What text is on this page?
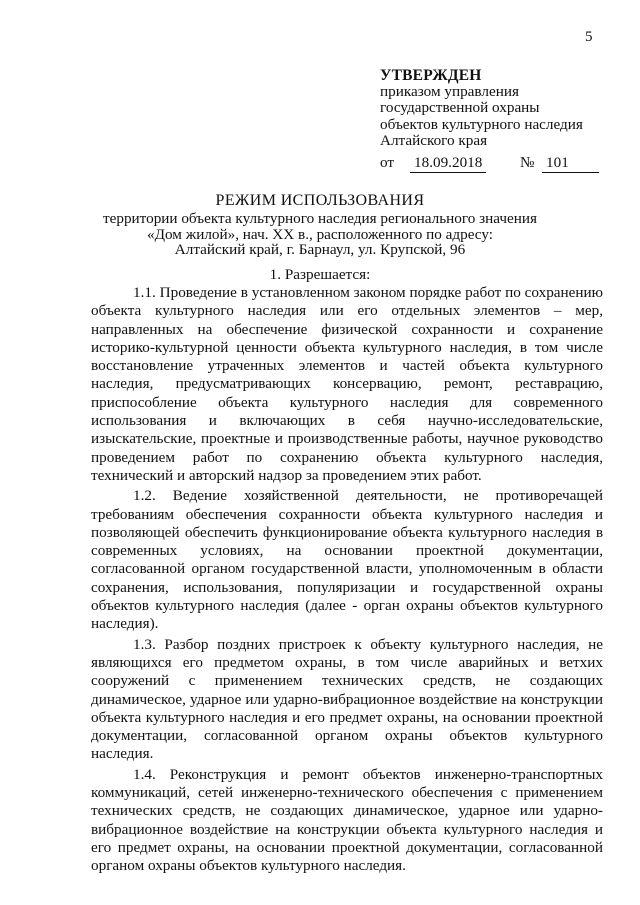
5
УТВЕРЖДЕН
приказом управления
государственной охраны
объектов культурного наследия
Алтайского края
от 18.09.2018 № 101
РЕЖИМ ИСПОЛЬЗОВАНИЯ
территории объекта культурного наследия регионального значения
«Дом жилой», нач. XX в., расположенного по адресу:
Алтайский край, г. Барнаул, ул. Крупской, 96
1. Разрешается:

1.1. Проведение в установленном законом порядке работ по сохранению объекта культурного наследия или его отдельных элементов – мер, направленных на обеспечение физической сохранности и сохранение историко-культурной ценности объекта культурного наследия, в том числе восстановление утраченных элементов и частей объекта культурного наследия, предусматривающих консервацию, ремонт, реставрацию, приспособление объекта культурного наследия для современного использования и включающих в себя научно-исследовательские, изыскательские, проектные и производственные работы, научное руководство проведением работ по сохранению объекта культурного наследия, технический и авторский надзор за проведением этих работ.

1.2. Ведение хозяйственной деятельности, не противоречащей требованиям обеспечения сохранности объекта культурного наследия и позволяющей обеспечить функционирование объекта культурного наследия в современных условиях, на основании проектной документации, согласованной органом государственной власти, уполномоченным в области сохранения, использования, популяризации и государственной охраны объектов культурного наследия (далее - орган охраны объектов культурного наследия).

1.3. Разбор поздних пристроек к объекту культурного наследия, не являющихся его предметом охраны, в том числе аварийных и ветхих сооружений с применением технических средств, не создающих динамическое, ударное или ударно-вибрационное воздействие на конструкции объекта культурного наследия и его предмет охраны, на основании проектной документации, согласованной органом охраны объектов культурного наследия.

1.4. Реконструкция и ремонт объектов инженерно-транспортных коммуникаций, сетей инженерно-технического обеспечения с применением технических средств, не создающих динамическое, ударное или ударно-вибрационное воздействие на конструкции объекта культурного наследия и его предмет охраны, на основании проектной документации, согласованной органом охраны объектов культурного наследия.
